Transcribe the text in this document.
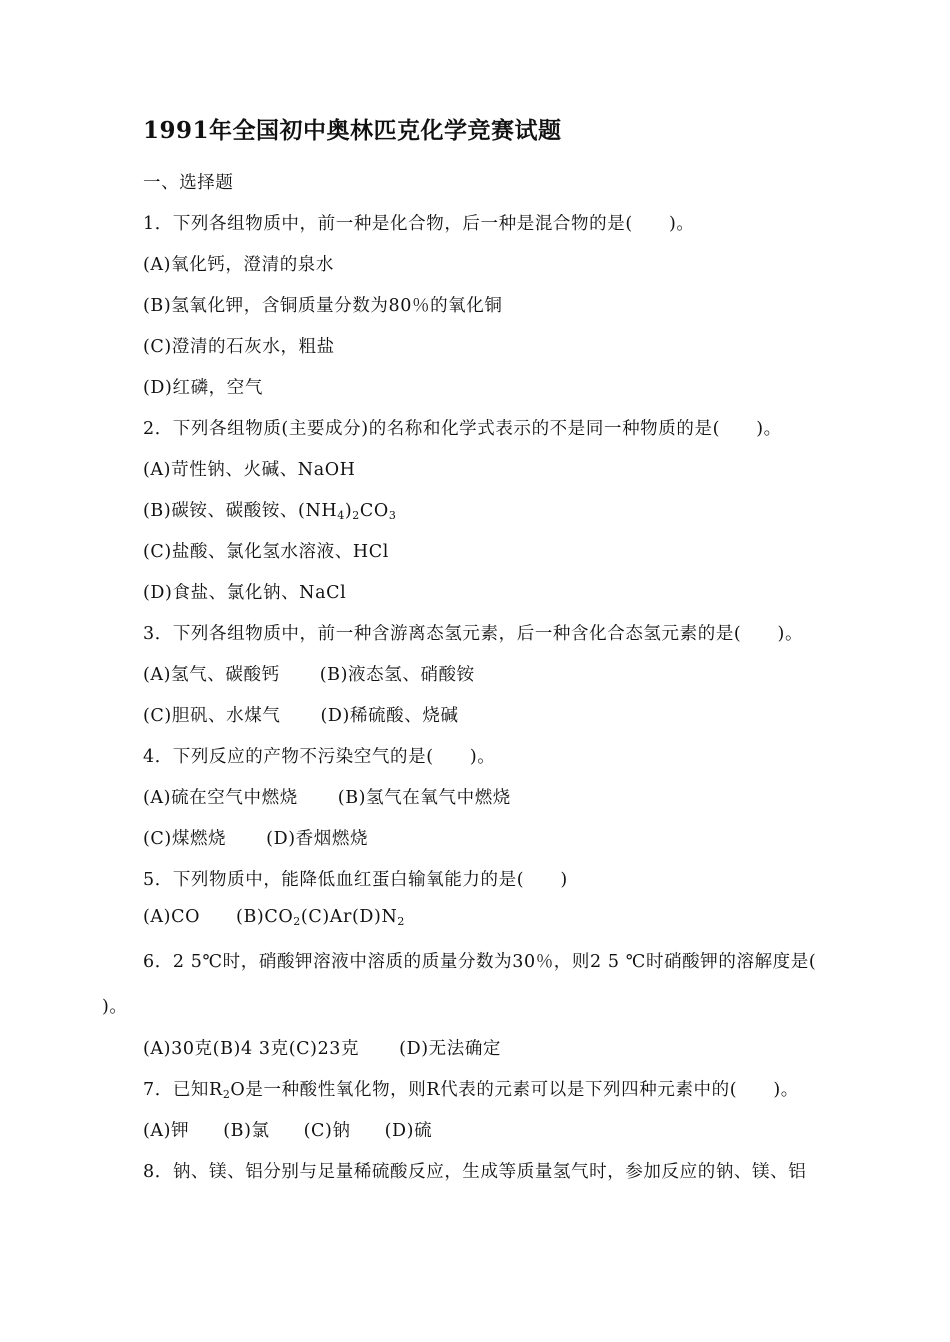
1991年全国初中奥林匹克化学竞赛试题
一、选择题
1．下列各组物质中，前一种是化合物，后一种是混合物的是(　　)。
(A)氧化钙，澄清的泉水
(B)氢氧化钾，含铜质量分数为80％的氧化铜
(C)澄清的石灰水，粗盐
(D)红磷，空气
2．下列各组物质(主要成分)的名称和化学式表示的不是同一种物质的是(　　)。
(A)苛性钠、火碱、NaOH
(B)碳铵、碳酸铵、$(NH_4)_2CO_3$
(C)盐酸、氯化氢水溶液、HCl
(D)食盐、氯化钠、NaCl
3．下列各组物质中，前一种含游离态氢元素，后一种含化合态氢元素的是(　　)。
(A)氢气、碳酸钙 (B)液态氢、硝酸铵
(C)胆矾、水煤气 (D)稀硫酸、烧碱
4．下列反应的产物不污染空气的是(　　)。
(A)硫在空气中燃烧 (B)氢气在氧气中燃烧
(C)煤燃烧 (D)香烟燃烧
5．下列物质中，能降低血红蛋白输氧能力的是(　　)
(A)CO $(B)CO_2(C)Ar(D)N_2$
6．2 5℃时，硝酸钾溶液中溶质的质量分数为30％，则2 5 ℃时硝酸钾的溶解度是(
)。
(A)30克(B)4 3克(C)23克 (D)无法确定
7．已知$R_2O$是一种酸性氧化物，则R代表的元素可以是下列四种元素中的(　　)。
(A)钾 (B)氯 (C)钠 (D)硫
8．钠、镁、铝分别与足量稀硫酸反应，生成等质量氢气时，参加反应的钠、镁、铝
